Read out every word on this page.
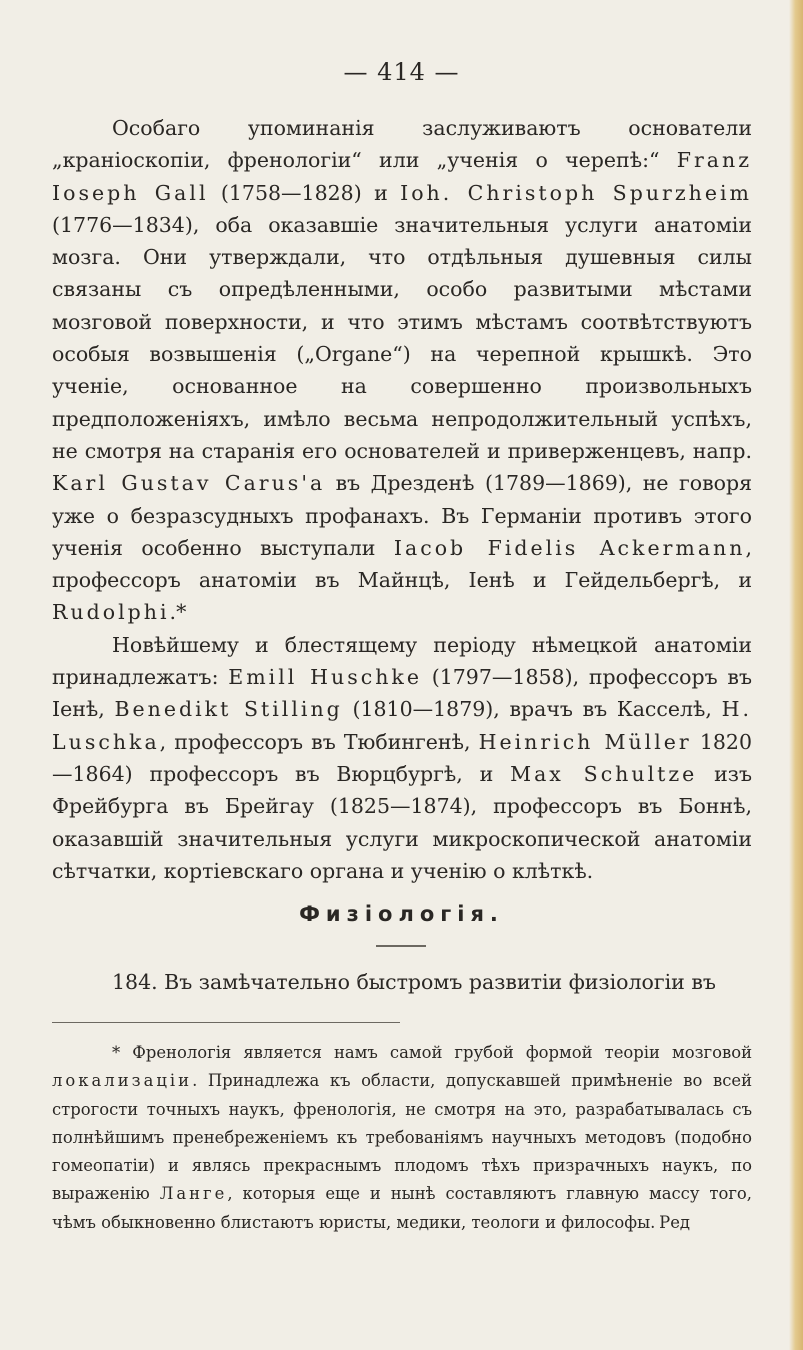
— 414 —

Особаго упоминанія заслуживаютъ основатели „краніоскопіи, френологіи“ или „ученія о черепѣ:“ Franz Ioseph Gall (1758—1828) и Ioh. Christoph Spurzheim (1776—1834), оба оказавшіе значительныя услуги анатоміи мозга. Они утверждали, что отдѣльныя душевныя силы связаны съ опредѣленными, особо развитыми мѣстами мозговой поверхности, и что этимъ мѣстамъ соотвѣтствуютъ особыя возвышенія („Organe“) на черепной крышкѣ. Это ученіе, основанное на совершенно произвольныхъ предположеніяхъ, имѣло весьма непродолжительный успѣхъ, не смотря на старанія его основателей и приверженцевъ, напр. Karl Gustav Carus'a въ Дрезденѣ (1789—1869), не говоря уже о безразсудныхъ профанахъ. Въ Германіи противъ этого ученія особенно выступали Iacob Fidelis Ackermann, профессоръ анатоміи въ Майнцѣ, Iенѣ и Гейдельбергѣ, и Rudolphi.*

Новѣйшему и блестящему періоду нѣмецкой анатоміи принадлежатъ: Emill Huschke (1797—1858), профессоръ въ Iенѣ, Benedikt Stilling (1810—1879), врачъ въ Касселѣ, H. Luschka, профессоръ въ Тюбингенѣ, Heinrich Müller 1820—1864) профессоръ въ Вюрцбургѣ, и Max Schultze изъ Фрейбурга въ Брейгау (1825—1874), профессоръ въ Боннѣ, оказавшій значительныя услуги микроскопической анатоміи сѣтчатки, кортіевскаго органа и ученію о клѣткѣ.

Физіологія.

184. Въ замѣчательно быстромъ развитіи физіологіи въ

* Френологія является намъ самой грубой формой теоріи мозговой локализаціи. Принадлежа къ области, допускавшей примѣненіе во всей строгости точныхъ наукъ, френологія, не смотря на это, разрабатывалась съ полнѣйшимъ пренебреженіемъ къ требованіямъ научныхъ методовъ (подобно гомеопатіи) и являсь прекраснымъ плодомъ тѣхъ призрачныхъ наукъ, по выраженію Ланге, которыя еще и нынѣ составляютъ главную массу того, чѣмъ обыкновенно блистаютъ юристы, медики, теологи и философы. Ред
